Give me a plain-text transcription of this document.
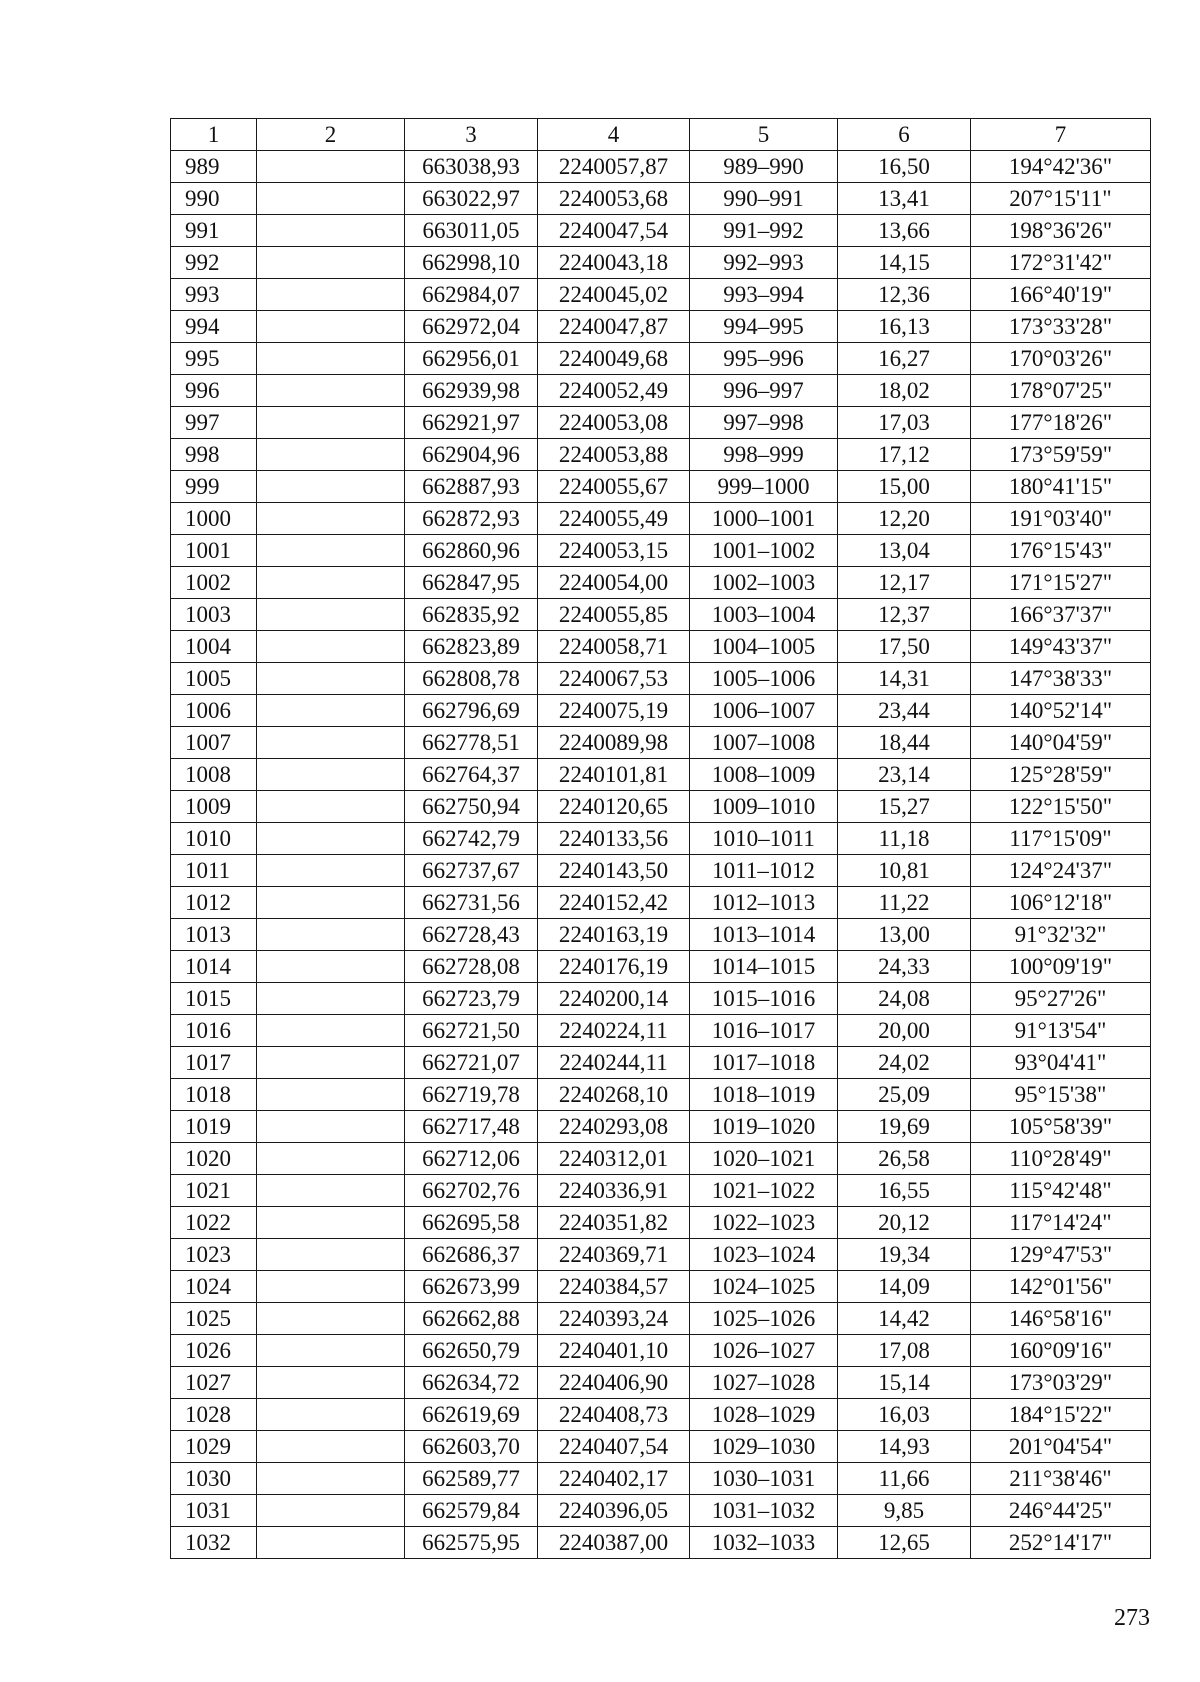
1	2	3	4	5	6	7
989		663038,93	2240057,87	989–990	16,50	194°42'36"
990		663022,97	2240053,68	990–991	13,41	207°15'11"
991		663011,05	2240047,54	991–992	13,66	198°36'26"
992		662998,10	2240043,18	992–993	14,15	172°31'42"
993		662984,07	2240045,02	993–994	12,36	166°40'19"
994		662972,04	2240047,87	994–995	16,13	173°33'28"
995		662956,01	2240049,68	995–996	16,27	170°03'26"
996		662939,98	2240052,49	996–997	18,02	178°07'25"
997		662921,97	2240053,08	997–998	17,03	177°18'26"
998		662904,96	2240053,88	998–999	17,12	173°59'59"
999		662887,93	2240055,67	999–1000	15,00	180°41'15"
1000		662872,93	2240055,49	1000–1001	12,20	191°03'40"
1001		662860,96	2240053,15	1001–1002	13,04	176°15'43"
1002		662847,95	2240054,00	1002–1003	12,17	171°15'27"
1003		662835,92	2240055,85	1003–1004	12,37	166°37'37"
1004		662823,89	2240058,71	1004–1005	17,50	149°43'37"
1005		662808,78	2240067,53	1005–1006	14,31	147°38'33"
1006		662796,69	2240075,19	1006–1007	23,44	140°52'14"
1007		662778,51	2240089,98	1007–1008	18,44	140°04'59"
1008		662764,37	2240101,81	1008–1009	23,14	125°28'59"
1009		662750,94	2240120,65	1009–1010	15,27	122°15'50"
1010		662742,79	2240133,56	1010–1011	11,18	117°15'09"
1011		662737,67	2240143,50	1011–1012	10,81	124°24'37"
1012		662731,56	2240152,42	1012–1013	11,22	106°12'18"
1013		662728,43	2240163,19	1013–1014	13,00	91°32'32"
1014		662728,08	2240176,19	1014–1015	24,33	100°09'19"
1015		662723,79	2240200,14	1015–1016	24,08	95°27'26"
1016		662721,50	2240224,11	1016–1017	20,00	91°13'54"
1017		662721,07	2240244,11	1017–1018	24,02	93°04'41"
1018		662719,78	2240268,10	1018–1019	25,09	95°15'38"
1019		662717,48	2240293,08	1019–1020	19,69	105°58'39"
1020		662712,06	2240312,01	1020–1021	26,58	110°28'49"
1021		662702,76	2240336,91	1021–1022	16,55	115°42'48"
1022		662695,58	2240351,82	1022–1023	20,12	117°14'24"
1023		662686,37	2240369,71	1023–1024	19,34	129°47'53"
1024		662673,99	2240384,57	1024–1025	14,09	142°01'56"
1025		662662,88	2240393,24	1025–1026	14,42	146°58'16"
1026		662650,79	2240401,10	1026–1027	17,08	160°09'16"
1027		662634,72	2240406,90	1027–1028	15,14	173°03'29"
1028		662619,69	2240408,73	1028–1029	16,03	184°15'22"
1029		662603,70	2240407,54	1029–1030	14,93	201°04'54"
1030		662589,77	2240402,17	1030–1031	11,66	211°38'46"
1031		662579,84	2240396,05	1031–1032	9,85	246°44'25"
1032		662575,95	2240387,00	1032–1033	12,65	252°14'17"
273
